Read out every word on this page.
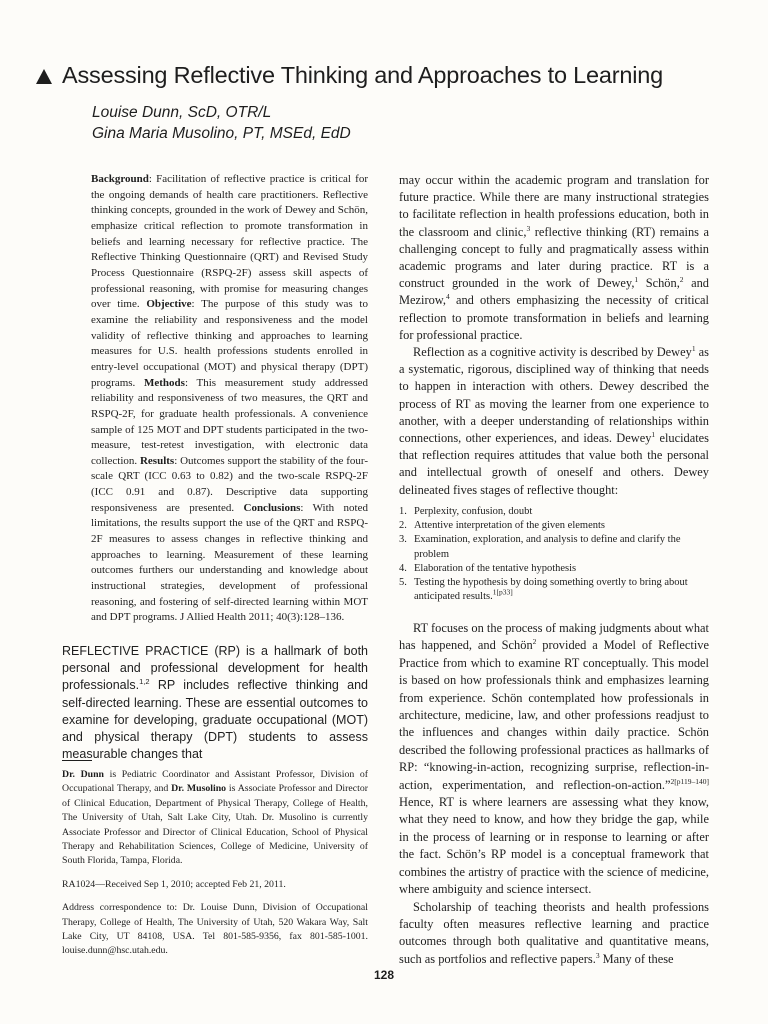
Assessing Reflective Thinking and Approaches to Learning
Louise Dunn, ScD, OTR/L
Gina Maria Musolino, PT, MSEd, EdD
Background: Facilitation of reflective practice is critical for the ongoing demands of health care practitioners. Reflective thinking concepts, grounded in the work of Dewey and Schön, emphasize critical reflection to promote transformation in beliefs and learning necessary for reflective practice. The Reflective Thinking Questionnaire (QRT) and Revised Study Process Questionnaire (RSPQ-2F) assess skill aspects of professional reasoning, with promise for measuring changes over time. Objective: The purpose of this study was to examine the reliability and responsiveness and the model validity of reflective thinking and approaches to learning measures for U.S. health professions students enrolled in entry-level occupational (MOT) and physical therapy (DPT) programs. Methods: This measurement study addressed reliability and responsiveness of two measures, the QRT and RSPQ-2F, for graduate health professionals. A convenience sample of 125 MOT and DPT students participated in the two-measure, test-retest investigation, with electronic data collection. Results: Outcomes support the stability of the four-scale QRT (ICC 0.63 to 0.82) and the two-scale RSPQ-2F (ICC 0.91 and 0.87). Descriptive data supporting responsiveness are presented. Conclusions: With noted limitations, the results support the use of the QRT and RSPQ-2F measures to assess changes in reflective thinking and approaches to learning. Measurement of these learning outcomes furthers our understanding and knowledge about instructional strategies, development of professional reasoning, and fostering of self-directed learning within MOT and DPT programs. J Allied Health 2011; 40(3):128–136.
REFLECTIVE PRACTICE (RP) is a hallmark of both personal and professional development for health professionals.$^{1,2}$ RP includes reflective thinking and self-directed learning. These are essential outcomes to examine for developing, graduate occupational (MOT) and physical therapy (DPT) students to assess measurable changes that

Dr. Dunn is Pediatric Coordinator and Assistant Professor, Division of Occupational Therapy, and Dr. Musolino is Associate Professor and Director of Clinical Education, Department of Physical Therapy, College of Health, The University of Utah, Salt Lake City, Utah. Dr. Musolino is currently Associate Professor and Director of Clinical Education, School of Physical Therapy and Rehabilitation Sciences, College of Medicine, University of South Florida, Tampa, Florida.

RA1024—Received Sep 1, 2010; accepted Feb 21, 2011.

Address correspondence to: Dr. Louise Dunn, Division of Occupational Therapy, College of Health, The University of Utah, 520 Wakara Way, Salt Lake City, UT 84108, USA. Tel 801-585-9356, fax 801-585-1001. louise.dunn@hsc.utah.edu.

may occur within the academic program and translation for future practice. While there are many instructional strategies to facilitate reflection in health professions education, both in the classroom and clinic,$^3$ reflective thinking (RT) remains a challenging concept to fully and pragmatically assess within academic programs and later during practice. RT is a construct grounded in the work of Dewey,$^1$ Schön,$^2$ and Mezirow,$^4$ and others emphasizing the necessity of critical reflection to promote transformation in beliefs and learning for professional practice.

Reflection as a cognitive activity is described by Dewey$^1$ as a systematic, rigorous, disciplined way of thinking that needs to happen in interaction with others. Dewey described the process of RT as moving the learner from one experience to another, with a deeper understanding of relationships within connections, other experiences, and ideas. Dewey$^1$ elucidates that reflection requires attitudes that value both the personal and intellectual growth of oneself and others. Dewey delineated fives stages of reflective thought:

1. Perplexity, confusion, doubt
2. Attentive interpretation of the given elements
3. Examination, exploration, and analysis to define and clarify the problem
4. Elaboration of the tentative hypothesis
5. Testing the hypothesis by doing something overtly to bring about anticipated results.$^{1[p33]}$

RT focuses on the process of making judgments about what has happened, and Schön$^2$ provided a Model of Reflective Practice from which to examine RT conceptually. This model is based on how professionals think and emphasizes learning from experience. Schön contemplated how professionals in architecture, medicine, law, and other professions readjust to the influences and changes within daily practice. Schön described the following professional practices as hallmarks of RP: “knowing-in-action, recognizing surprise, reflection-in-action, experimentation, and reflection-on-action.”$^{2[p119-140]}$ Hence, RT is where learners are assessing what they know, what they need to know, and how they bridge the gap, while in the process of learning or in response to learning or after the fact. Schön’s RP model is a conceptual framework that combines the artistry of practice with the science of medicine, where ambiguity and science intersect.

Scholarship of teaching theorists and health professions faculty often measures reflective learning and practice outcomes through both qualitative and quantitative means, such as portfolios and reflective papers.$^3$ Many of these

128
